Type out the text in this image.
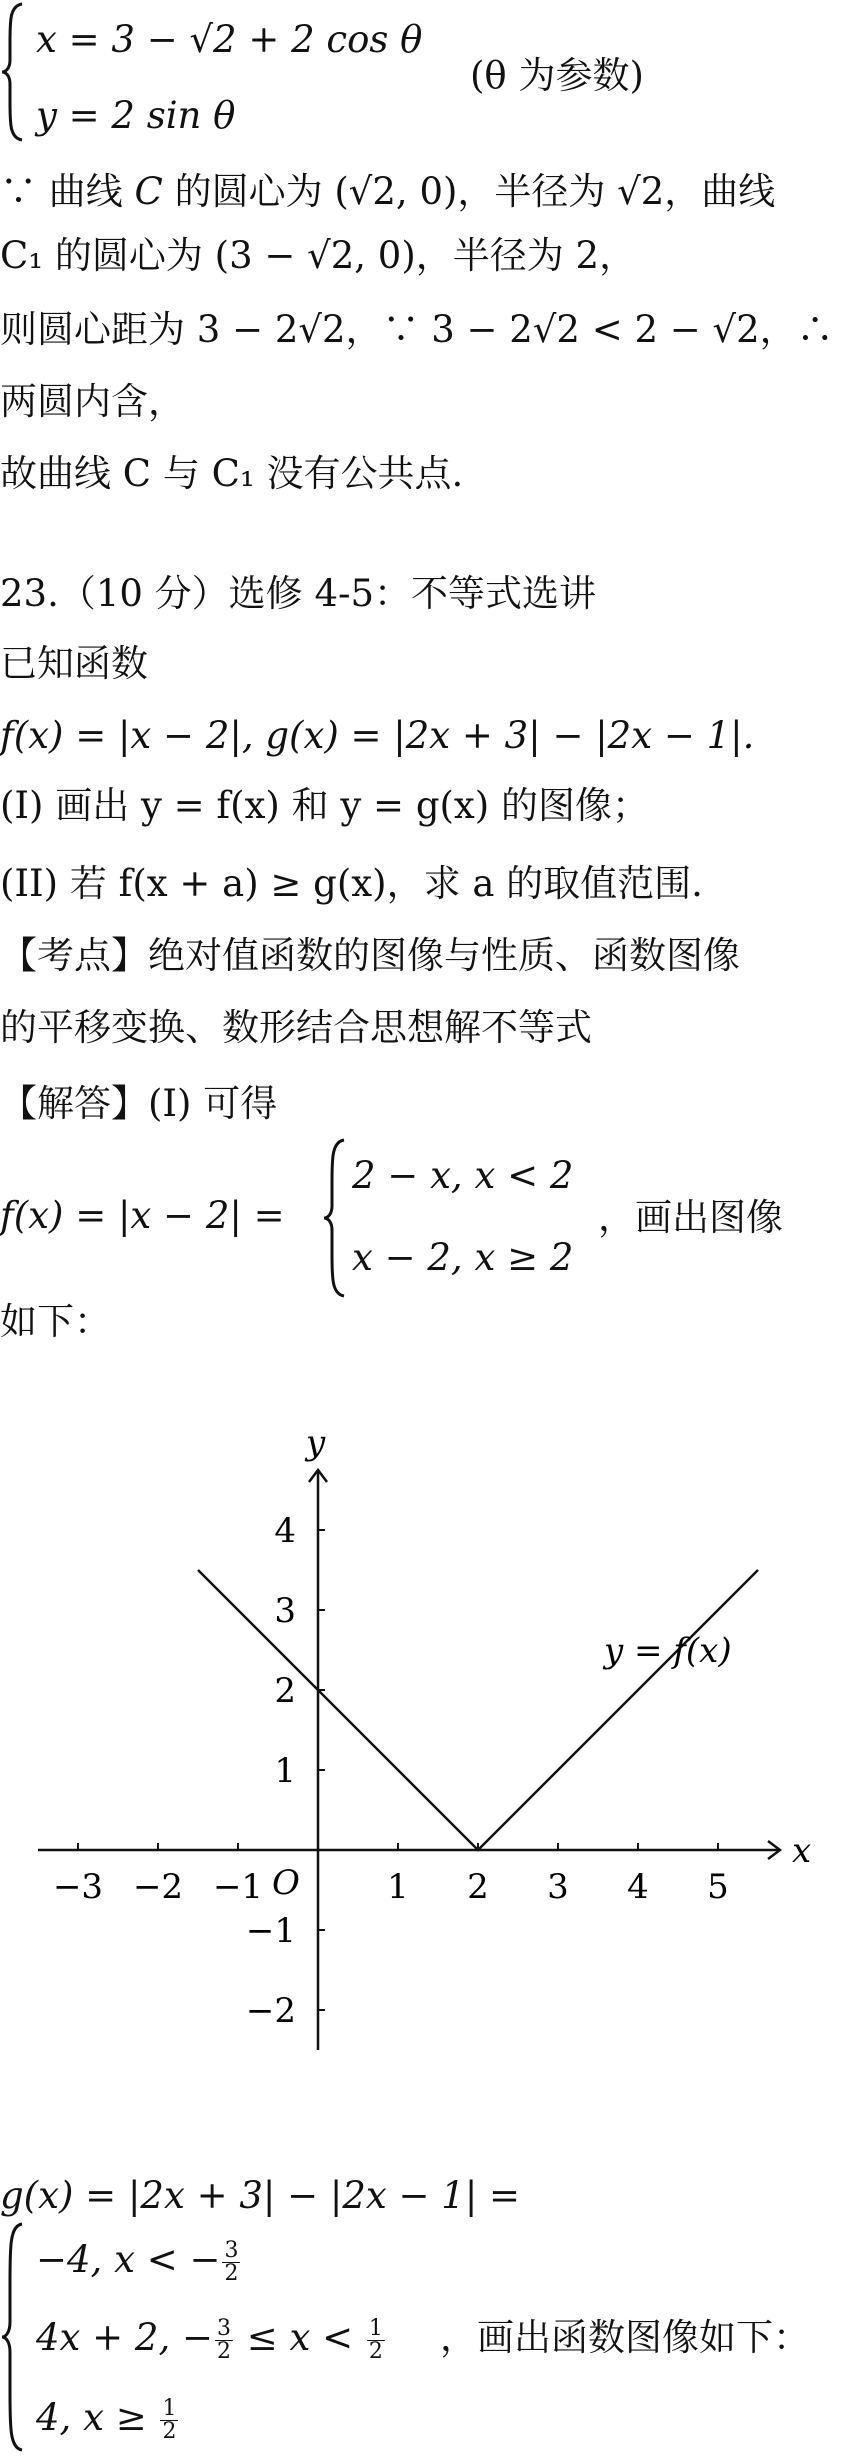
x = 3 − √2 + 2 cos θ
y = 2 sin θ
(θ 为参数)
∵ 曲线 C 的圆心为 (√2, 0)，半径为 √2，曲线
C₁ 的圆心为 (3 − √2, 0)，半径为 2，
则圆心距为 3 − 2√2，∵ 3 − 2√2 < 2 − √2，∴
两圆内含，
故曲线 C 与 C₁ 没有公共点.
23.（10 分）选修 4-5：不等式选讲
已知函数
f(x) = |x − 2|, g(x) = |2x + 3| − |2x − 1|.
(I) 画出 y = f(x) 和 y = g(x) 的图像；
(II) 若 f(x + a) ≥ g(x)，求 a 的取值范围.
【考点】绝对值函数的图像与性质、函数图像
的平移变换、数形结合思想解不等式
【解答】(I) 可得
f(x) = |x − 2| =
2 − x, x < 2
x − 2, x ≥ 2
，画出图像
如下：
x
y
O
−3 −2 −1	1 2 3 4 5
4
3
2
1
−1
−2
y = f(x)
g(x) = |2x + 3| − |2x − 1| =
−4, x < − $\frac{3}{2}$
4x + 2, − $\frac{3}{2} \le x < \frac{1}{2}$
4, $x \ge \frac{1}{2}$
，画出函数图像如下：
